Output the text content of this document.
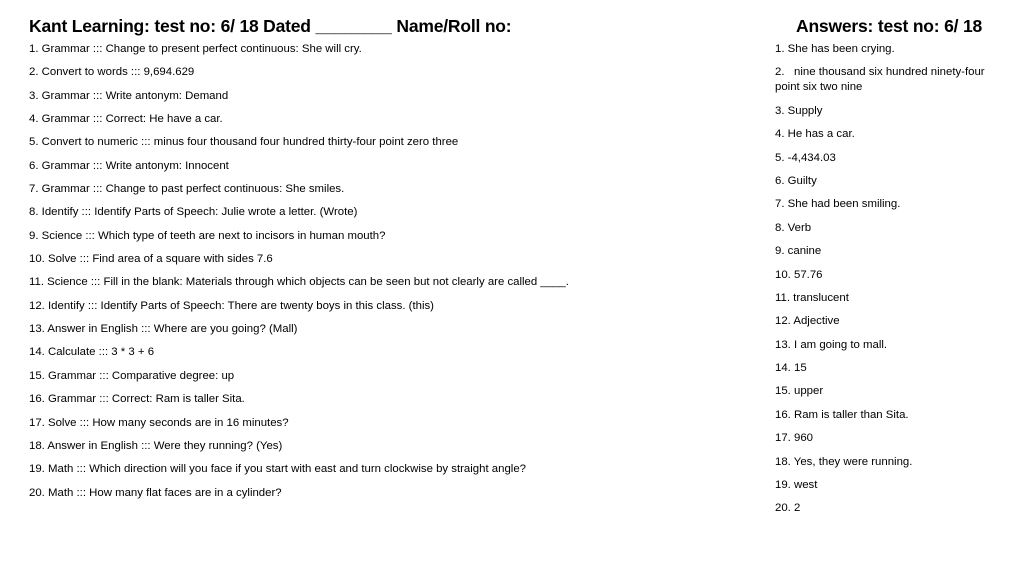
Kant Learning: test no: 6/ 18 Dated ________ Name/Roll no:	Answers: test no: 6/ 18
1. Grammar ::: Change to present perfect continuous: She will cry.
2. Convert to words ::: 9,694.629
3. Grammar ::: Write antonym: Demand
4. Grammar ::: Correct: He have a car.
5. Convert to numeric ::: minus four thousand four hundred thirty-four point zero three
6. Grammar ::: Write antonym: Innocent
7. Grammar ::: Change to past perfect continuous: She smiles.
8. Identify ::: Identify Parts of Speech: Julie wrote a letter. (Wrote)
9. Science ::: Which type of teeth are next to incisors in human mouth?
10. Solve ::: Find area of a square with sides 7.6
11. Science ::: Fill in the blank: Materials through which objects can be seen but not clearly are called ____.
12. Identify ::: Identify Parts of Speech: There are twenty boys in this class. (this)
13. Answer in English ::: Where are you going? (Mall)
14. Calculate ::: 3 * 3 + 6
15. Grammar ::: Comparative degree: up
16. Grammar ::: Correct: Ram is taller Sita.
17. Solve ::: How many seconds are in 16 minutes?
18. Answer in English ::: Were they running? (Yes)
19. Math ::: Which direction will you face if you start with east and turn clockwise by straight angle?
20. Math ::: How many flat faces are in a cylinder?
1. She has been crying.
2.   nine thousand six hundred ninety-four  point six two nine
3. Supply
4. He has a car.
5. -4,434.03
6. Guilty
7. She had been smiling.
8. Verb
9. canine
10. 57.76
11. translucent
12. Adjective
13. I am going to mall.
14. 15
15. upper
16. Ram is taller than Sita.
17. 960
18. Yes, they were running.
19. west
20. 2
